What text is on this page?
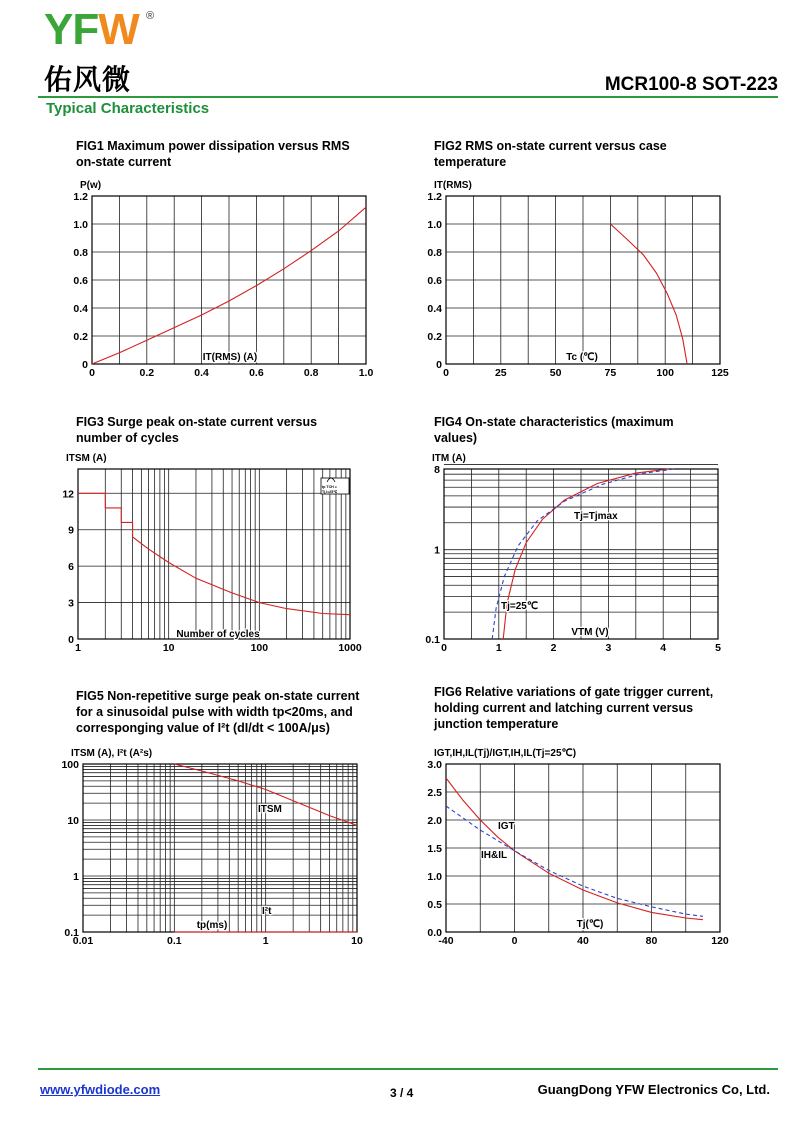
YFW ®
佑风微	MCR100-8 SOT-223
Typical Characteristics
FIG1 Maximum power dissipation versus RMS
on-state current
FIG2 RMS on-state current versus case
temperature
FIG3 Surge peak on-state current versus
number of cycles
FIG4 On-state characteristics (maximum
values)
FIG5 Non-repetitive surge peak on-state current
for a sinusoidal pulse with width tp<20ms, and
corresponging value of I²t (dI/dt < 100A/μs)
FIG6 Relative variations of gate trigger current,
holding current and latching current versus
junction temperature
0	0.2	0.4	0.6	0.8	1.0
0
0.2
0.4
0.6
0.8
1.0
1.2
P(w)
IT(RMS) (A)
0	25	50	75	100	125
0
0.2
0.4
0.6
0.8
1.0
1.2
IT(RMS)
Tc (℃)
1	10	100	1000
0
3
6
9
12
ITSM (A)
Number of cycles
tp TCH =
Tj,l=25℃
0	1	2	3	4	5
0.1
1
8
ITM (A)
VTM (V)
Tj=Tjmax
Tj=25℃
0.01	0.1	1	10
0.1
1
10
100
ITSM (A), I²t (A²s)
tp(ms)
ITSM
I²t
-40	0	40	80	120
0.0
0.5
1.0
1.5
2.0
2.5
3.0
IGT,IH,IL(Tj)/IGT,IH,IL(Tj=25℃)
Tj(℃)
IGT
IH&IL
www.yfwdiode.com	3 / 4	GuangDong YFW Electronics Co, Ltd.
